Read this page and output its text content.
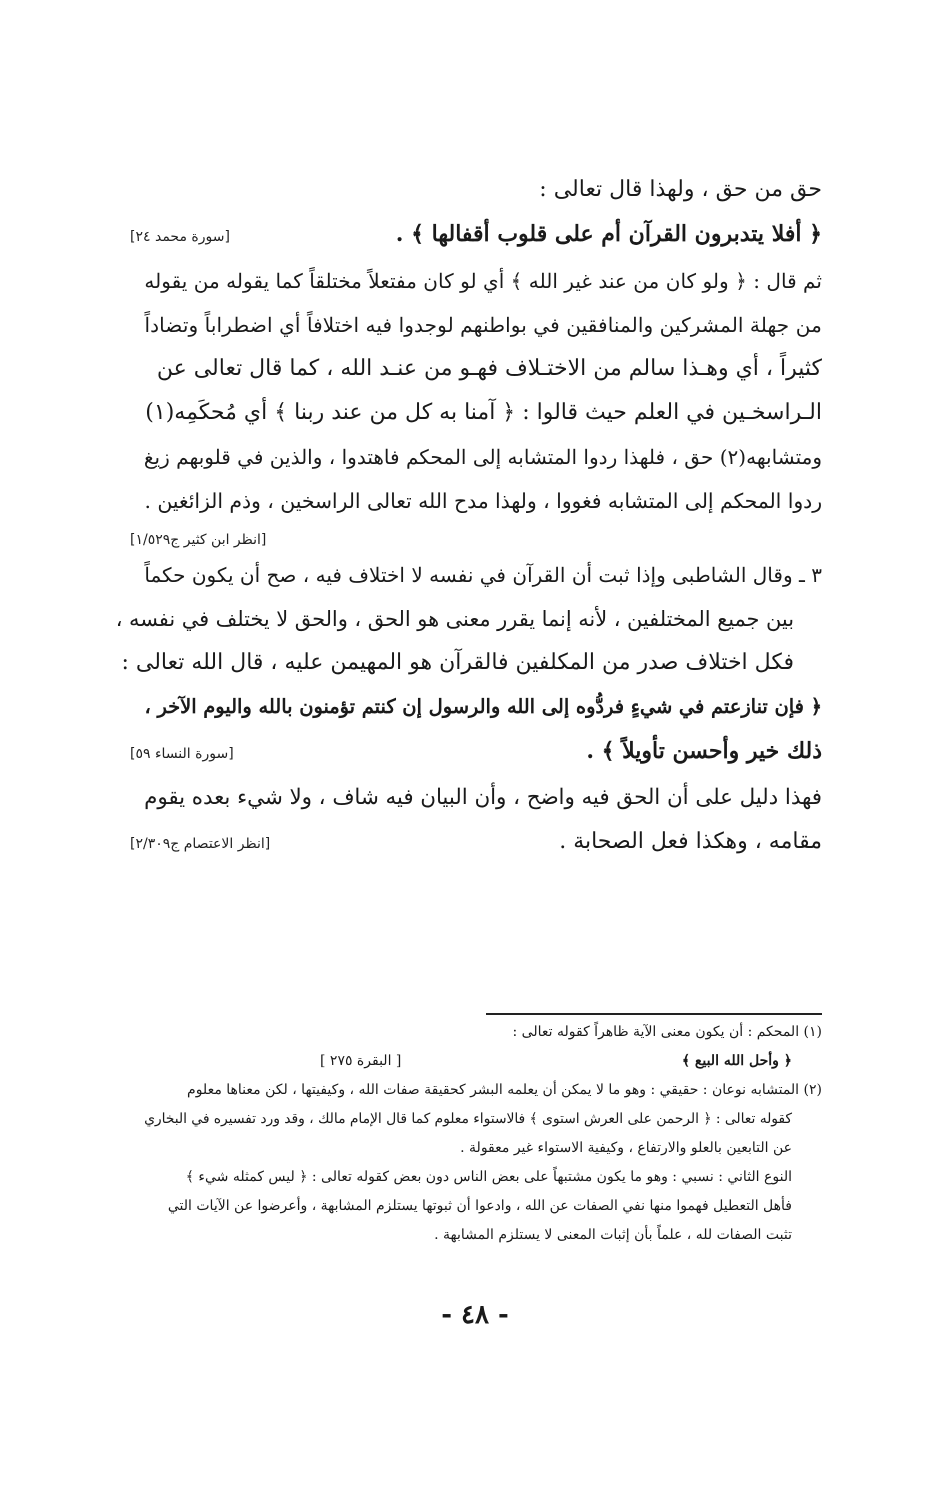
حق من حق ، ولهذا قال تعالى :
﴿ أفلا يتدبرون القرآن أم على قلوب أقفالها ﴾ .
[سورة محمد ٢٤]
ثم قال : ﴿ ولو كان من عند غير الله ﴾ أي لو كان مفتعلاً مختلقاً كما يقوله من يقوله
من جهلة المشركين والمنافقين في بواطنهم لوجدوا فيه اختلافاً أي اضطراباً وتضاداً
كثيراً ، أي وهـذا سالم من الاختـلاف فهـو من عنـد الله ، كما قال تعالى عن
الـراسخـين في العلم حيث قالوا : ﴿ آمنا به كل من عند ربنا ﴾ أي مُحكَمِه(١)
ومتشابهه(٢) حق ، فلهذا ردوا المتشابه إلى المحكم فاهتدوا ، والذين في قلوبهم زيغ
ردوا المحكم إلى المتشابه فغووا ، ولهذا مدح الله تعالى الراسخين ، وذم الزائغين .
[انظر ابن كثير ج١/٥٢٩]
٣ ـ وقال الشاطبى وإذا ثبت أن القرآن في نفسه لا اختلاف فيه ، صح أن يكون حكماً
بين جميع المختلفين ، لأنه إنما يقرر معنى هو الحق ، والحق لا يختلف في نفسه ،
فكل اختلاف صدر من المكلفين فالقرآن هو المهيمن عليه ، قال الله تعالى :
﴿ فإن تنازعتم في شيءٍ فردُّوه إلى الله والرسول إن كنتم تؤمنون بالله واليوم الآخر ،
ذلك خير وأحسن تأويلاً ﴾ .
[سورة النساء ٥٩]
فهذا دليل على أن الحق فيه واضح ، وأن البيان فيه شاف ، ولا شيء بعده يقوم
مقامه ، وهكذا فعل الصحابة .
[انظر الاعتصام ج٢/٣٠٩]
(١) المحكم : أن يكون معنى الآية ظاهراً كقوله تعالى :
﴿ وأحل الله البيع ﴾
[ البقرة ٢٧٥ ]
(٢) المتشابه نوعان : حقيقي : وهو ما لا يمكن أن يعلمه البشر كحقيقة صفات الله ، وكيفيتها ، لكن معناها معلوم
كقوله تعالى : ﴿ الرحمن على العرش استوى ﴾ فالاستواء معلوم كما قال الإمام مالك ، وقد ورد تفسيره في البخاري
عن التابعين بالعلو والارتفاع ، وكيفية الاستواء غير معقولة .
النوع الثاني : نسبي : وهو ما يكون مشتبهاً على بعض الناس دون بعض كقوله تعالى : ﴿ ليس كمثله شيء ﴾
فأهل التعطيل فهموا منها نفي الصفات عن الله ، وادعوا أن ثبوتها يستلزم المشابهة ، وأعرضوا عن الآيات التي
تثبت الصفات لله ، علماً بأن إثبات المعنى لا يستلزم المشابهة .
- ٤٨ -
